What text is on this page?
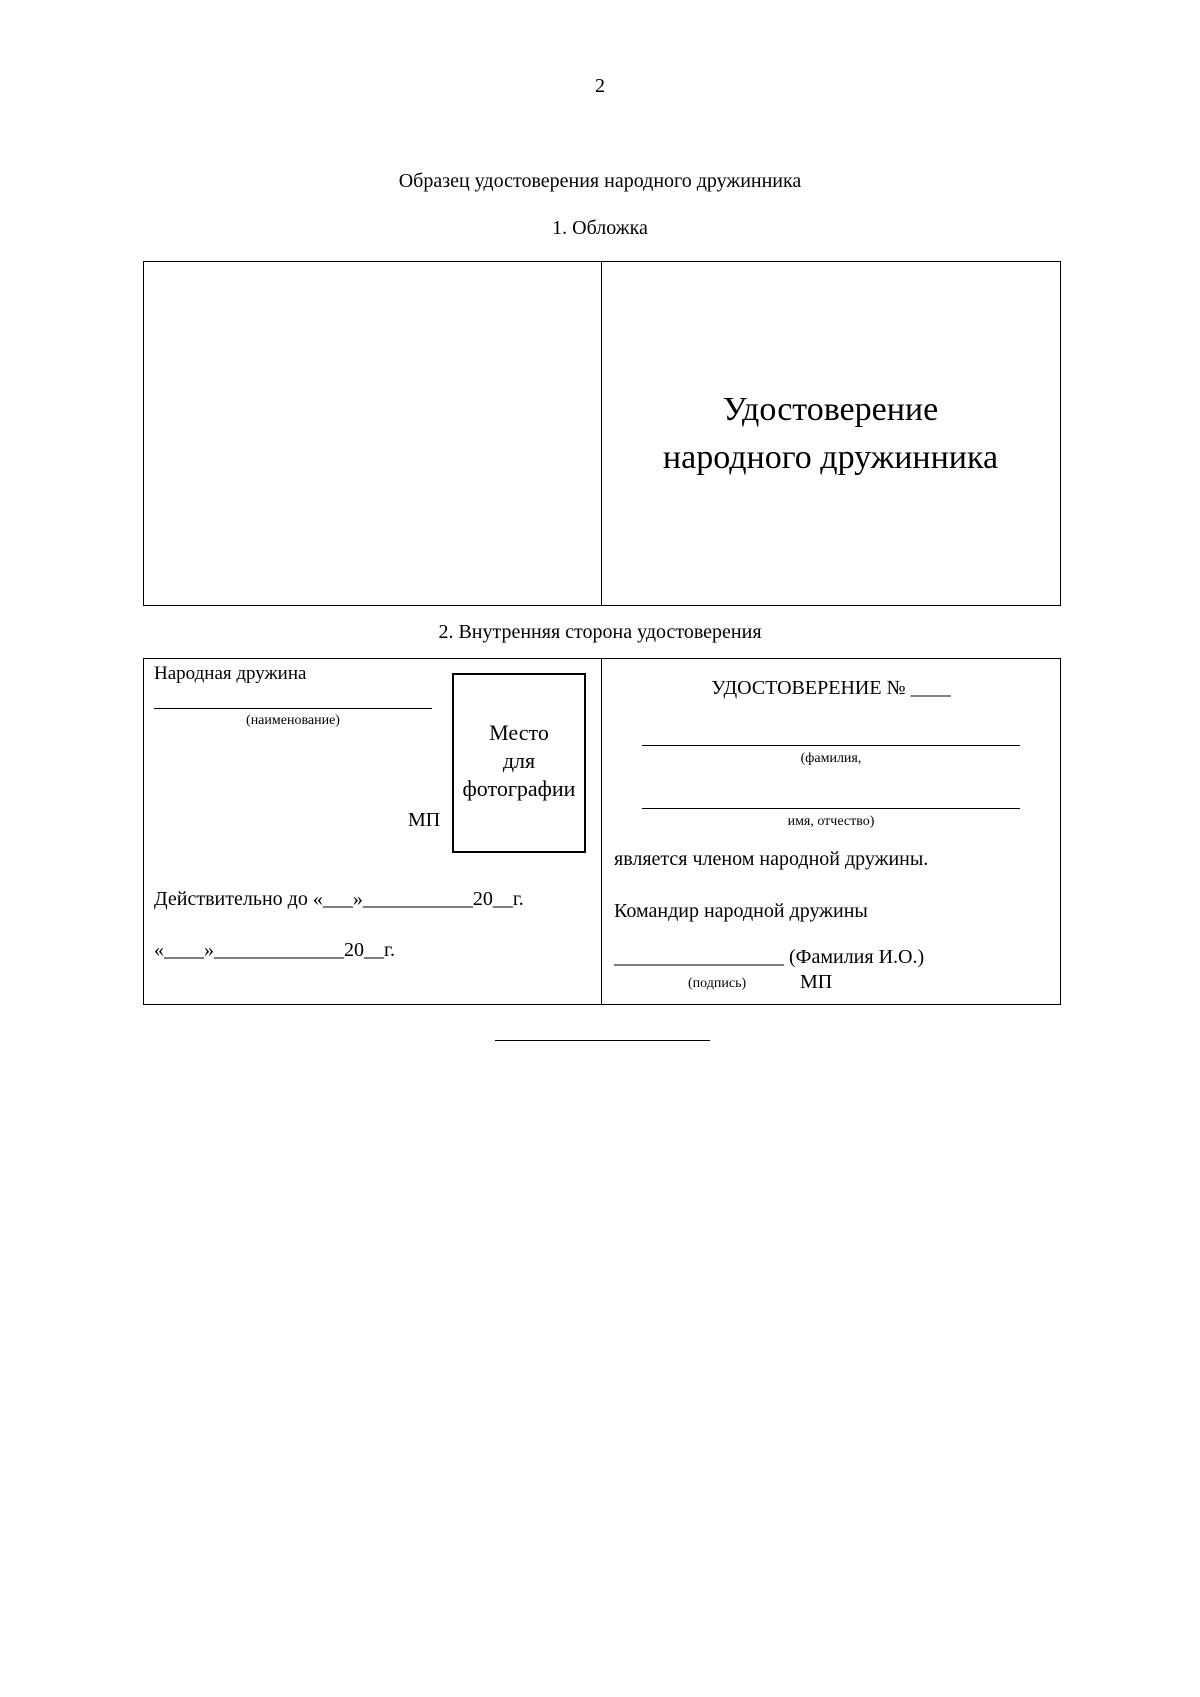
2
Образец удостоверения народного дружинника
1. Обложка
Удостоверение
народного дружинника
2. Внутренняя сторона удостоверения
Народная дружина
(наименование)
МП
Место
для
фотографии
Действительно до «___»___________20__г.
«____»_____________20__г.
УДОСТОВЕРЕНИЕ № ____
(фамилия,
имя, отчество)
является членом народной дружины.
Командир народной дружины
_________________ (Фамилия И.О.)
(подпись)	МП
